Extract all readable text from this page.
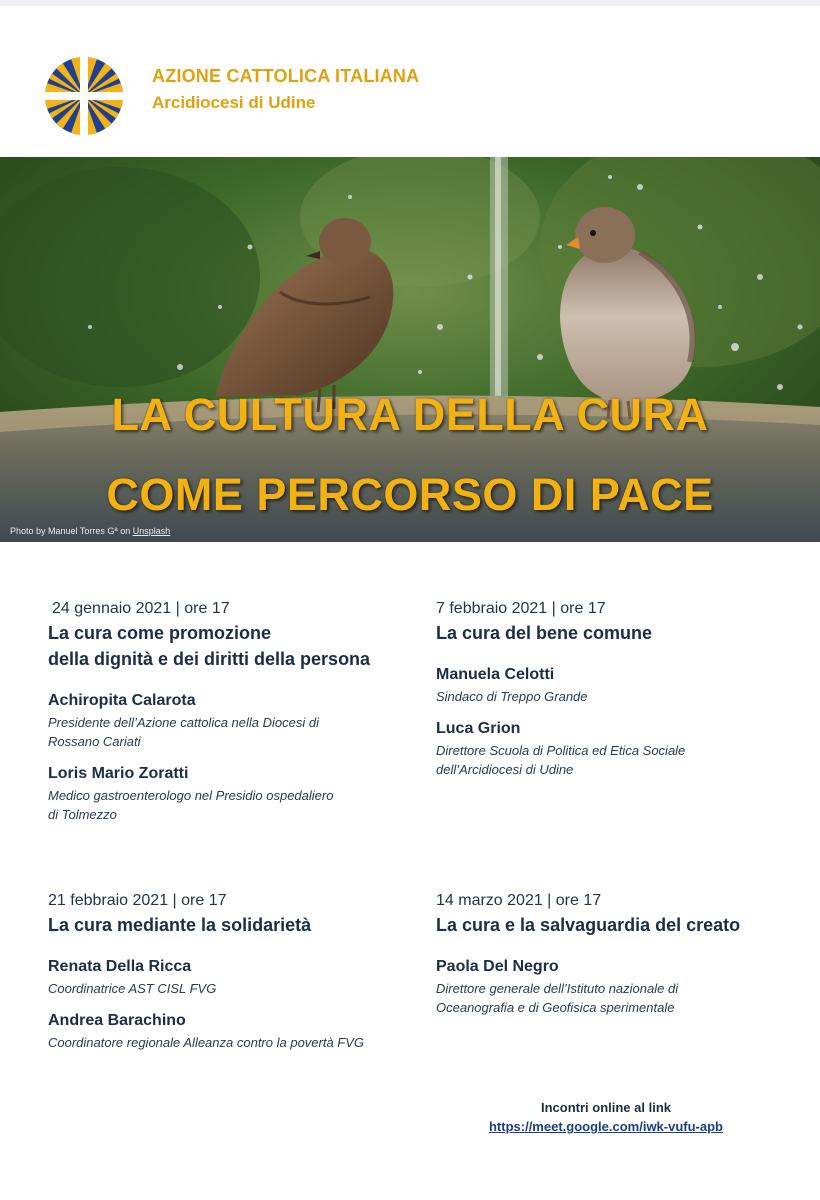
AZIONE CATTOLICA ITALIANA
Arcidiocesi di Udine
LA CULTURA DELLA CURA
COME PERCORSO DI PACE
Photo by Manuel Torres Gª on Unsplash
24 gennaio 2021 | ore 17
La cura come promozione
della dignità e dei diritti della persona
Achiropita Calarota
Presidente dell’Azione cattolica nella Diocesi di
Rossano Cariati
Loris Mario Zoratti
Medico gastroenterologo nel Presidio ospedaliero
di Tolmezzo
7 febbraio 2021 | ore 17
La cura del bene comune
Manuela Celotti
Sindaco di Treppo Grande
Luca Grion
Direttore Scuola di Politica ed Etica Sociale
dell’Arcidiocesi di Udine
21 febbraio 2021 | ore 17
La cura mediante la solidarietà
Renata Della Ricca
Coordinatrice AST CISL FVG
Andrea Barachino
Coordinatore regionale Alleanza contro la povertà FVG
14 marzo 2021 | ore 17
La cura e la salvaguardia del creato
Paola Del Negro
Direttore generale dell’Istituto nazionale di
Oceanografia e di Geofisica sperimentale
Incontri online al link
https://meet.google.com/iwk-vufu-apb
